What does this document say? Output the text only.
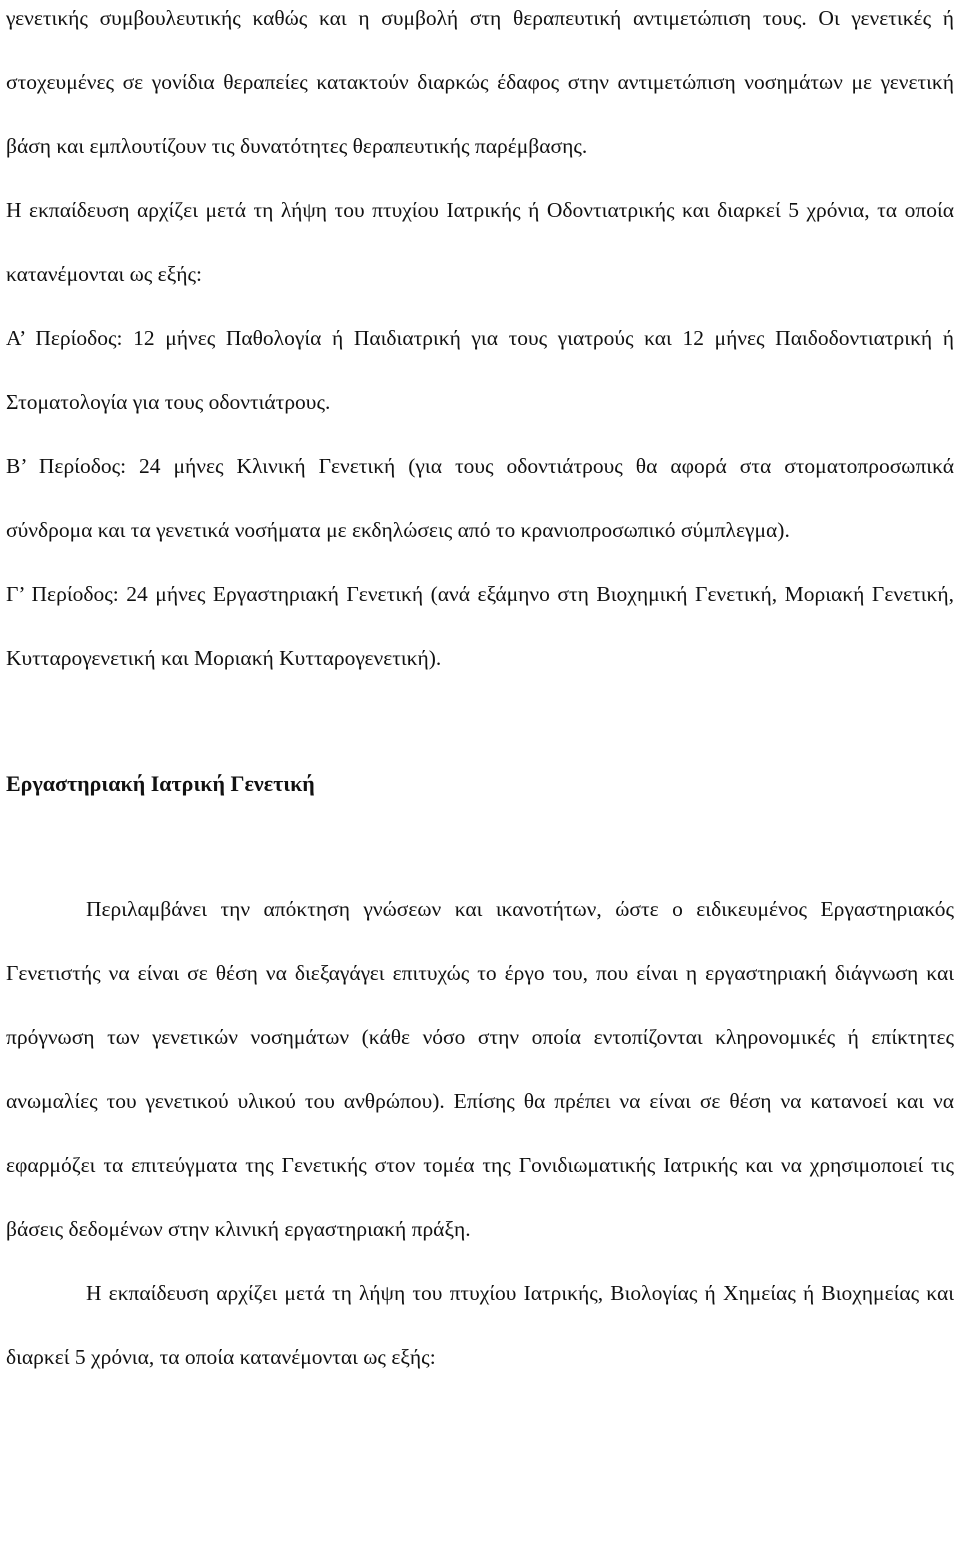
γενετικής συμβουλευτικής καθώς και η συμβολή στη θεραπευτική αντιμετώπιση τους. Οι γενετικές ή στοχευμένες σε γονίδια θεραπείες κατακτούν διαρκώς έδαφος στην αντιμετώπιση νοσημάτων με γενετική βάση και εμπλουτίζουν τις δυνατότητες θεραπευτικής παρέμβασης.

Η εκπαίδευση αρχίζει μετά τη λήψη του πτυχίου Ιατρικής ή Οδοντιατρικής και διαρκεί 5 χρόνια, τα οποία κατανέμονται ως εξής:

Α’ Περίοδος: 12 μήνες Παθολογία ή Παιδιατρική για τους γιατρούς και 12 μήνες Παιδοδοντιατρική ή Στοματολογία για τους οδοντιάτρους.

Β’ Περίοδος: 24 μήνες Κλινική Γενετική (για τους οδοντιάτρους θα αφορά στα στοματοπροσωπικά σύνδρομα και τα γενετικά νοσήματα με εκδηλώσεις από το κρανιοπροσωπικό σύμπλεγμα).

Γ’ Περίοδος: 24 μήνες Εργαστηριακή Γενετική (ανά εξάμηνο στη Βιοχημική Γενετική, Μοριακή Γενετική, Κυτταρογενετική και Μοριακή Κυτταρογενετική).

Εργαστηριακή Ιατρική Γενετική

Περιλαμβάνει την απόκτηση γνώσεων και ικανοτήτων, ώστε ο ειδικευμένος Εργαστηριακός Γενετιστής να είναι σε θέση να διεξαγάγει επιτυχώς το έργο του, που είναι η εργαστηριακή διάγνωση και πρόγνωση των γενετικών νοσημάτων (κάθε νόσο στην οποία εντοπίζονται κληρονομικές ή επίκτητες ανωμαλίες του γενετικού υλικού του ανθρώπου). Επίσης θα πρέπει να είναι σε θέση να κατανοεί και να εφαρμόζει τα επιτεύγματα της Γενετικής στον τομέα της Γονιδιωματικής Ιατρικής και να χρησιμοποιεί τις βάσεις δεδομένων στην κλινική εργαστηριακή πράξη.

Η εκπαίδευση αρχίζει μετά τη λήψη του πτυχίου Ιατρικής, Βιολογίας ή Χημείας ή Βιοχημείας και διαρκεί 5 χρόνια, τα οποία κατανέμονται ως εξής:
